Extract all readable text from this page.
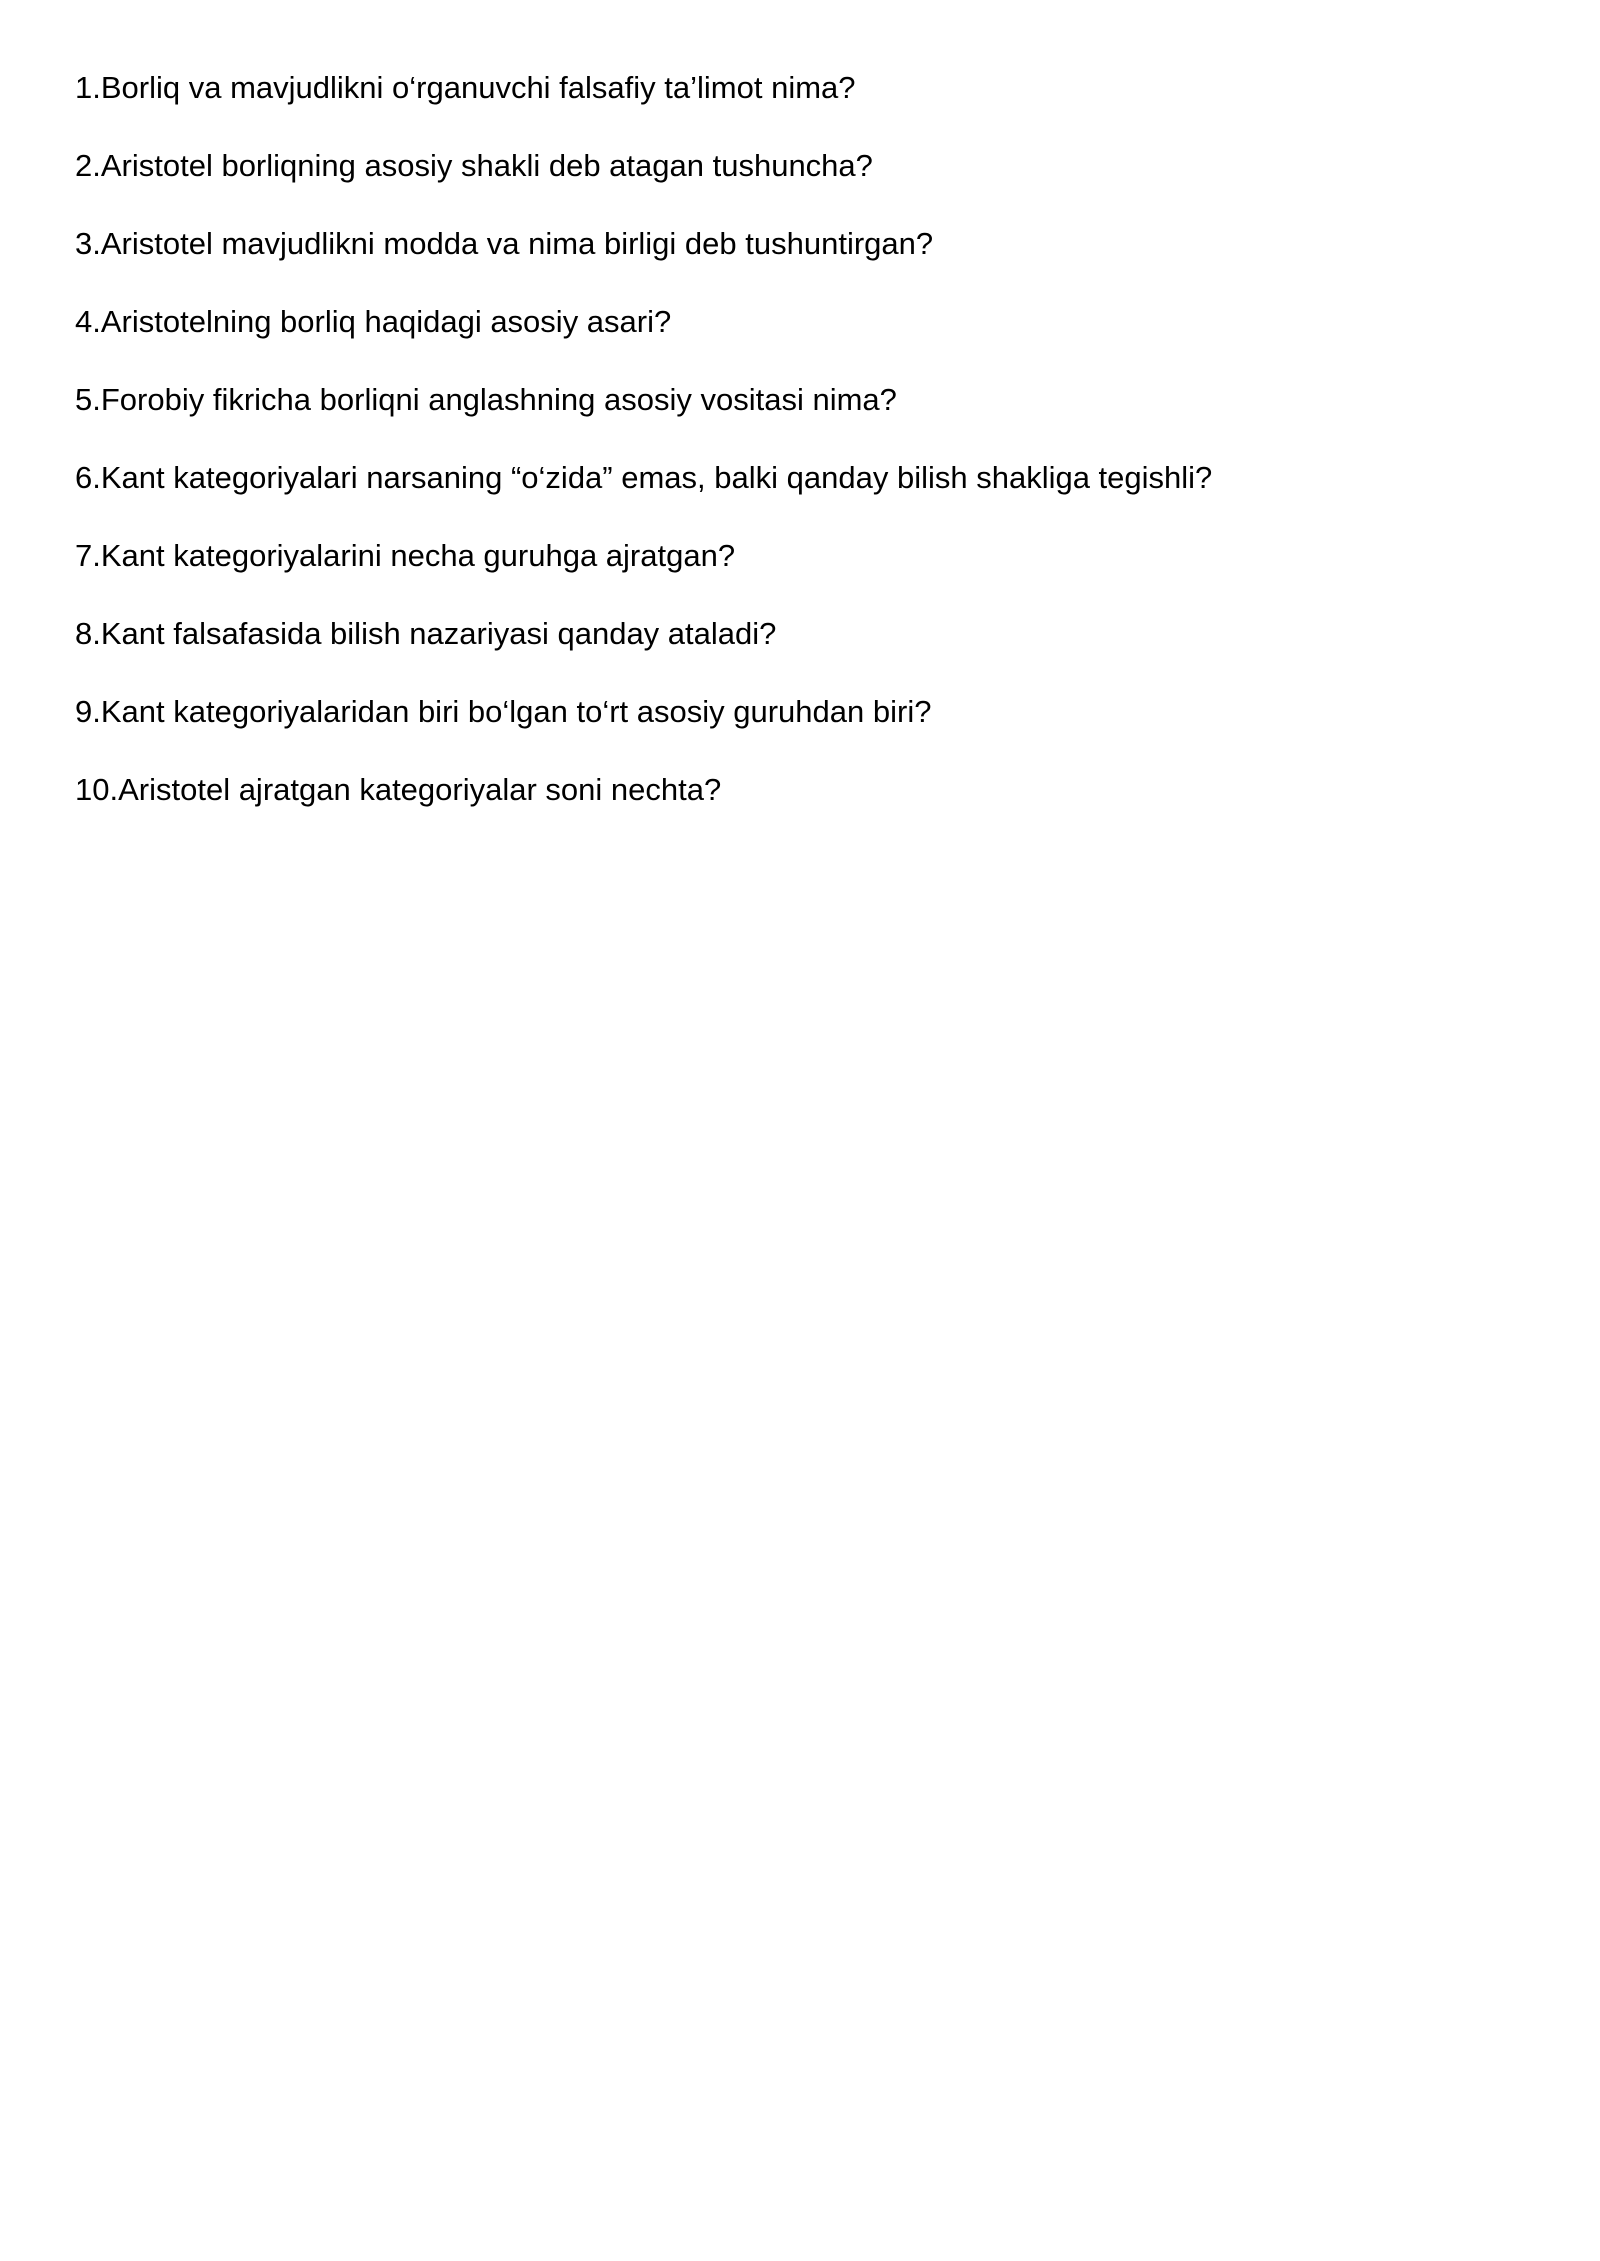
1.Borliq va mavjudlikni o‘rganuvchi falsafiy ta’limot nima?
2.Aristotel borliqning asosiy shakli deb atagan tushuncha?
3.Aristotel mavjudlikni modda va nima birligi deb tushuntirgan?
4.Aristotelning borliq haqidagi asosiy asari?
5.Forobiy fikricha borliqni anglashning asosiy vositasi nima?
6.Kant kategoriyalari narsaning “o‘zida” emas, balki qanday bilish shakliga tegishli?
7.Kant kategoriyalarini necha guruhga ajratgan?
8.Kant falsafasida bilish nazariyasi qanday ataladi?
9.Kant kategoriyalaridan biri bo‘lgan to‘rt asosiy guruhdan biri?
10.Aristotel ajratgan kategoriyalar soni nechta?
